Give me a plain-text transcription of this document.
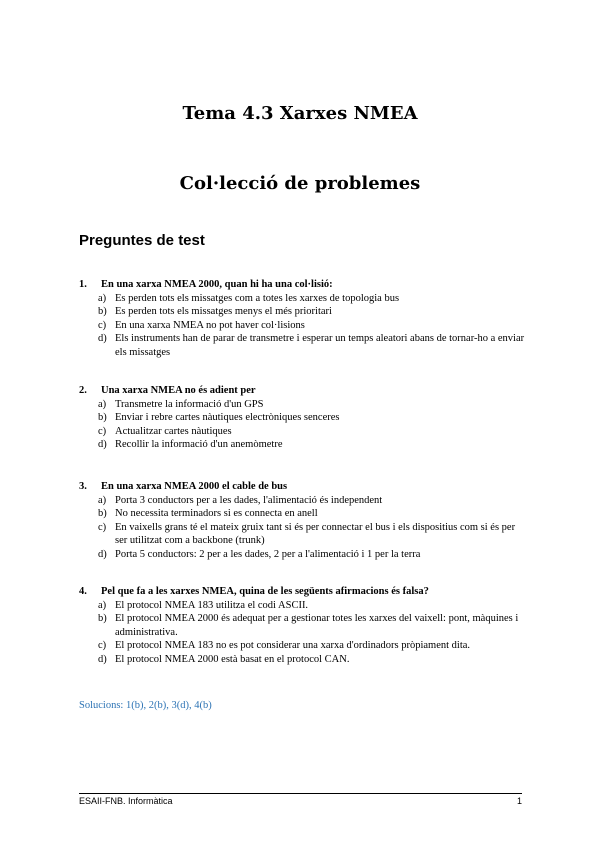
Tema 4.3 Xarxes NMEA
Col·lecció de problemes
Preguntes de test
1. En una xarxa NMEA 2000, quan hi ha una col·lisió:
a) Es perden tots els missatges com a totes les xarxes de topologia bus
b) Es perden tots els missatges menys el més prioritari
c) En una xarxa NMEA no pot haver col·lisions
d) Els instruments han de parar de transmetre i esperar un temps aleatori abans de tornar-ho a enviar els missatges
2. Una xarxa NMEA no és adient per
a) Transmetre la informació d'un GPS
b) Enviar i rebre cartes nàutiques electròniques senceres
c) Actualitzar cartes nàutiques
d) Recollir la informació d'un anemòmetre
3. En una xarxa NMEA 2000 el cable de bus
a) Porta 3 conductors per a les dades, l'alimentació és independent
b) No necessita terminadors si es connecta en anell
c) En vaixells grans té el mateix gruix tant si és per connectar el bus i els dispositius com si és per ser utilitzat com a backbone (trunk)
d) Porta 5 conductors: 2 per a les dades, 2 per a l'alimentació i 1 per la terra
4. Pel que fa a les xarxes NMEA, quina de les següents afirmacions és falsa?
a) El protocol NMEA 183 utilitza el codi ASCII.
b) El protocol NMEA 2000 és adequat per a gestionar totes les xarxes del vaixell: pont, màquines i administrativa.
c) El protocol NMEA 183 no es pot considerar una xarxa d'ordinadors pròpiament dita.
d) El protocol NMEA 2000 està basat en el protocol CAN.
Solucions: 1(b), 2(b), 3(d), 4(b)
ESAII-FNB. Informàtica	1
